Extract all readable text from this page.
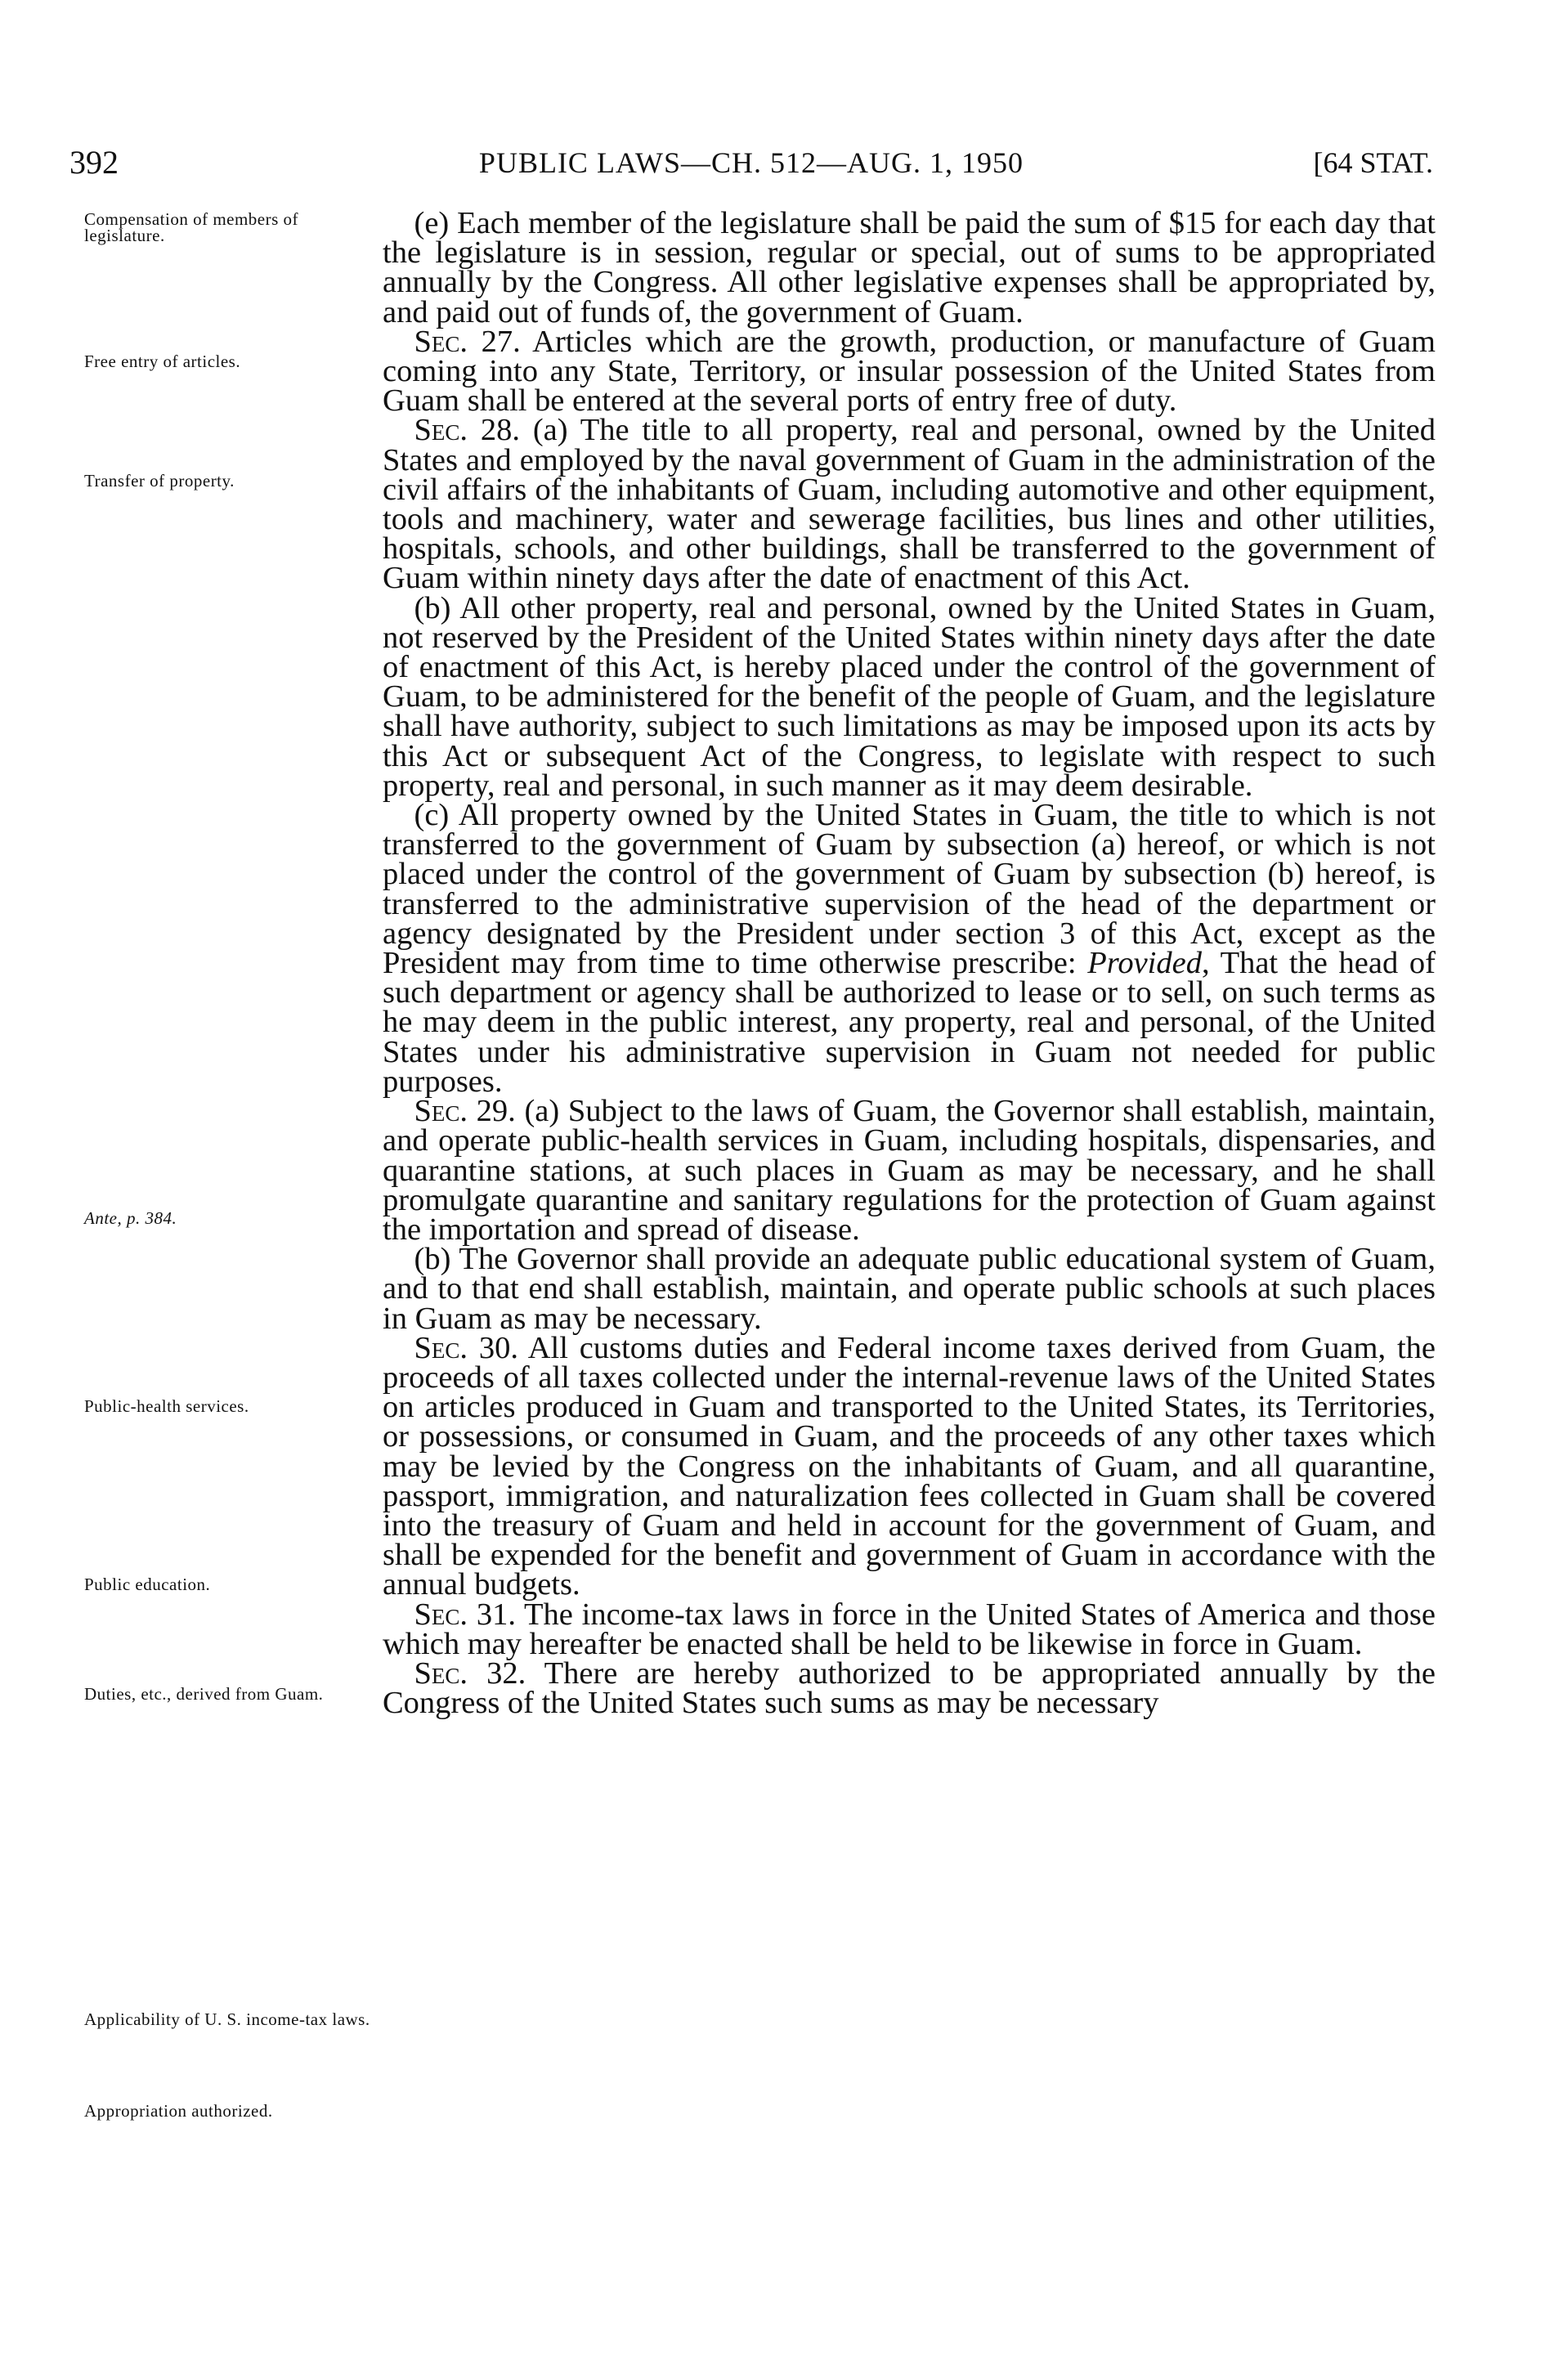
392	PUBLIC LAWS—CH. 512—AUG. 1, 1950	[64 STAT.
Compensation of members of legislature.
Free entry of articles.
Transfer of property.
Ante, p. 384.
Public-health services.
Public education.
Duties, etc., derived from Guam.
Applicability of U. S. income-tax laws.
Appropriation authorized.

(e) Each member of the legislature shall be paid the sum of $15 for each day that the legislature is in session, regular or special, out of sums to be appropriated annually by the Congress. All other legislative expenses shall be appropriated by, and paid out of funds of, the government of Guam.

Sec. 27. Articles which are the growth, production, or manufacture of Guam coming into any State, Territory, or insular possession of the United States from Guam shall be entered at the several ports of entry free of duty.

Sec. 28. (a) The title to all property, real and personal, owned by the United States and employed by the naval government of Guam in the administration of the civil affairs of the inhabitants of Guam, including automotive and other equipment, tools and machinery, water and sewerage facilities, bus lines and other utilities, hospitals, schools, and other buildings, shall be transferred to the government of Guam within ninety days after the date of enactment of this Act.

(b) All other property, real and personal, owned by the United States in Guam, not reserved by the President of the United States within ninety days after the date of enactment of this Act, is hereby placed under the control of the government of Guam, to be administered for the benefit of the people of Guam, and the legislature shall have authority, subject to such limitations as may be imposed upon its acts by this Act or subsequent Act of the Congress, to legislate with respect to such property, real and personal, in such manner as it may deem desirable.

(c) All property owned by the United States in Guam, the title to which is not transferred to the government of Guam by subsection (a) hereof, or which is not placed under the control of the government of Guam by subsection (b) hereof, is transferred to the administrative supervision of the head of the department or agency designated by the President under section 3 of this Act, except as the President may from time to time otherwise prescribe: Provided, That the head of such department or agency shall be authorized to lease or to sell, on such terms as he may deem in the public interest, any property, real and personal, of the United States under his administrative supervision in Guam not needed for public purposes.

Sec. 29. (a) Subject to the laws of Guam, the Governor shall establish, maintain, and operate public-health services in Guam, including hospitals, dispensaries, and quarantine stations, at such places in Guam as may be necessary, and he shall promulgate quarantine and sanitary regulations for the protection of Guam against the importation and spread of disease.

(b) The Governor shall provide an adequate public educational system of Guam, and to that end shall establish, maintain, and operate public schools at such places in Guam as may be necessary.

Sec. 30. All customs duties and Federal income taxes derived from Guam, the proceeds of all taxes collected under the internal-revenue laws of the United States on articles produced in Guam and transported to the United States, its Territories, or possessions, or consumed in Guam, and the proceeds of any other taxes which may be levied by the Congress on the inhabitants of Guam, and all quarantine, passport, immigration, and naturalization fees collected in Guam shall be covered into the treasury of Guam and held in account for the government of Guam, and shall be expended for the benefit and government of Guam in accordance with the annual budgets.

Sec. 31. The income-tax laws in force in the United States of America and those which may hereafter be enacted shall be held to be likewise in force in Guam.

Sec. 32. There are hereby authorized to be appropriated annually by the Congress of the United States such sums as may be necessary
